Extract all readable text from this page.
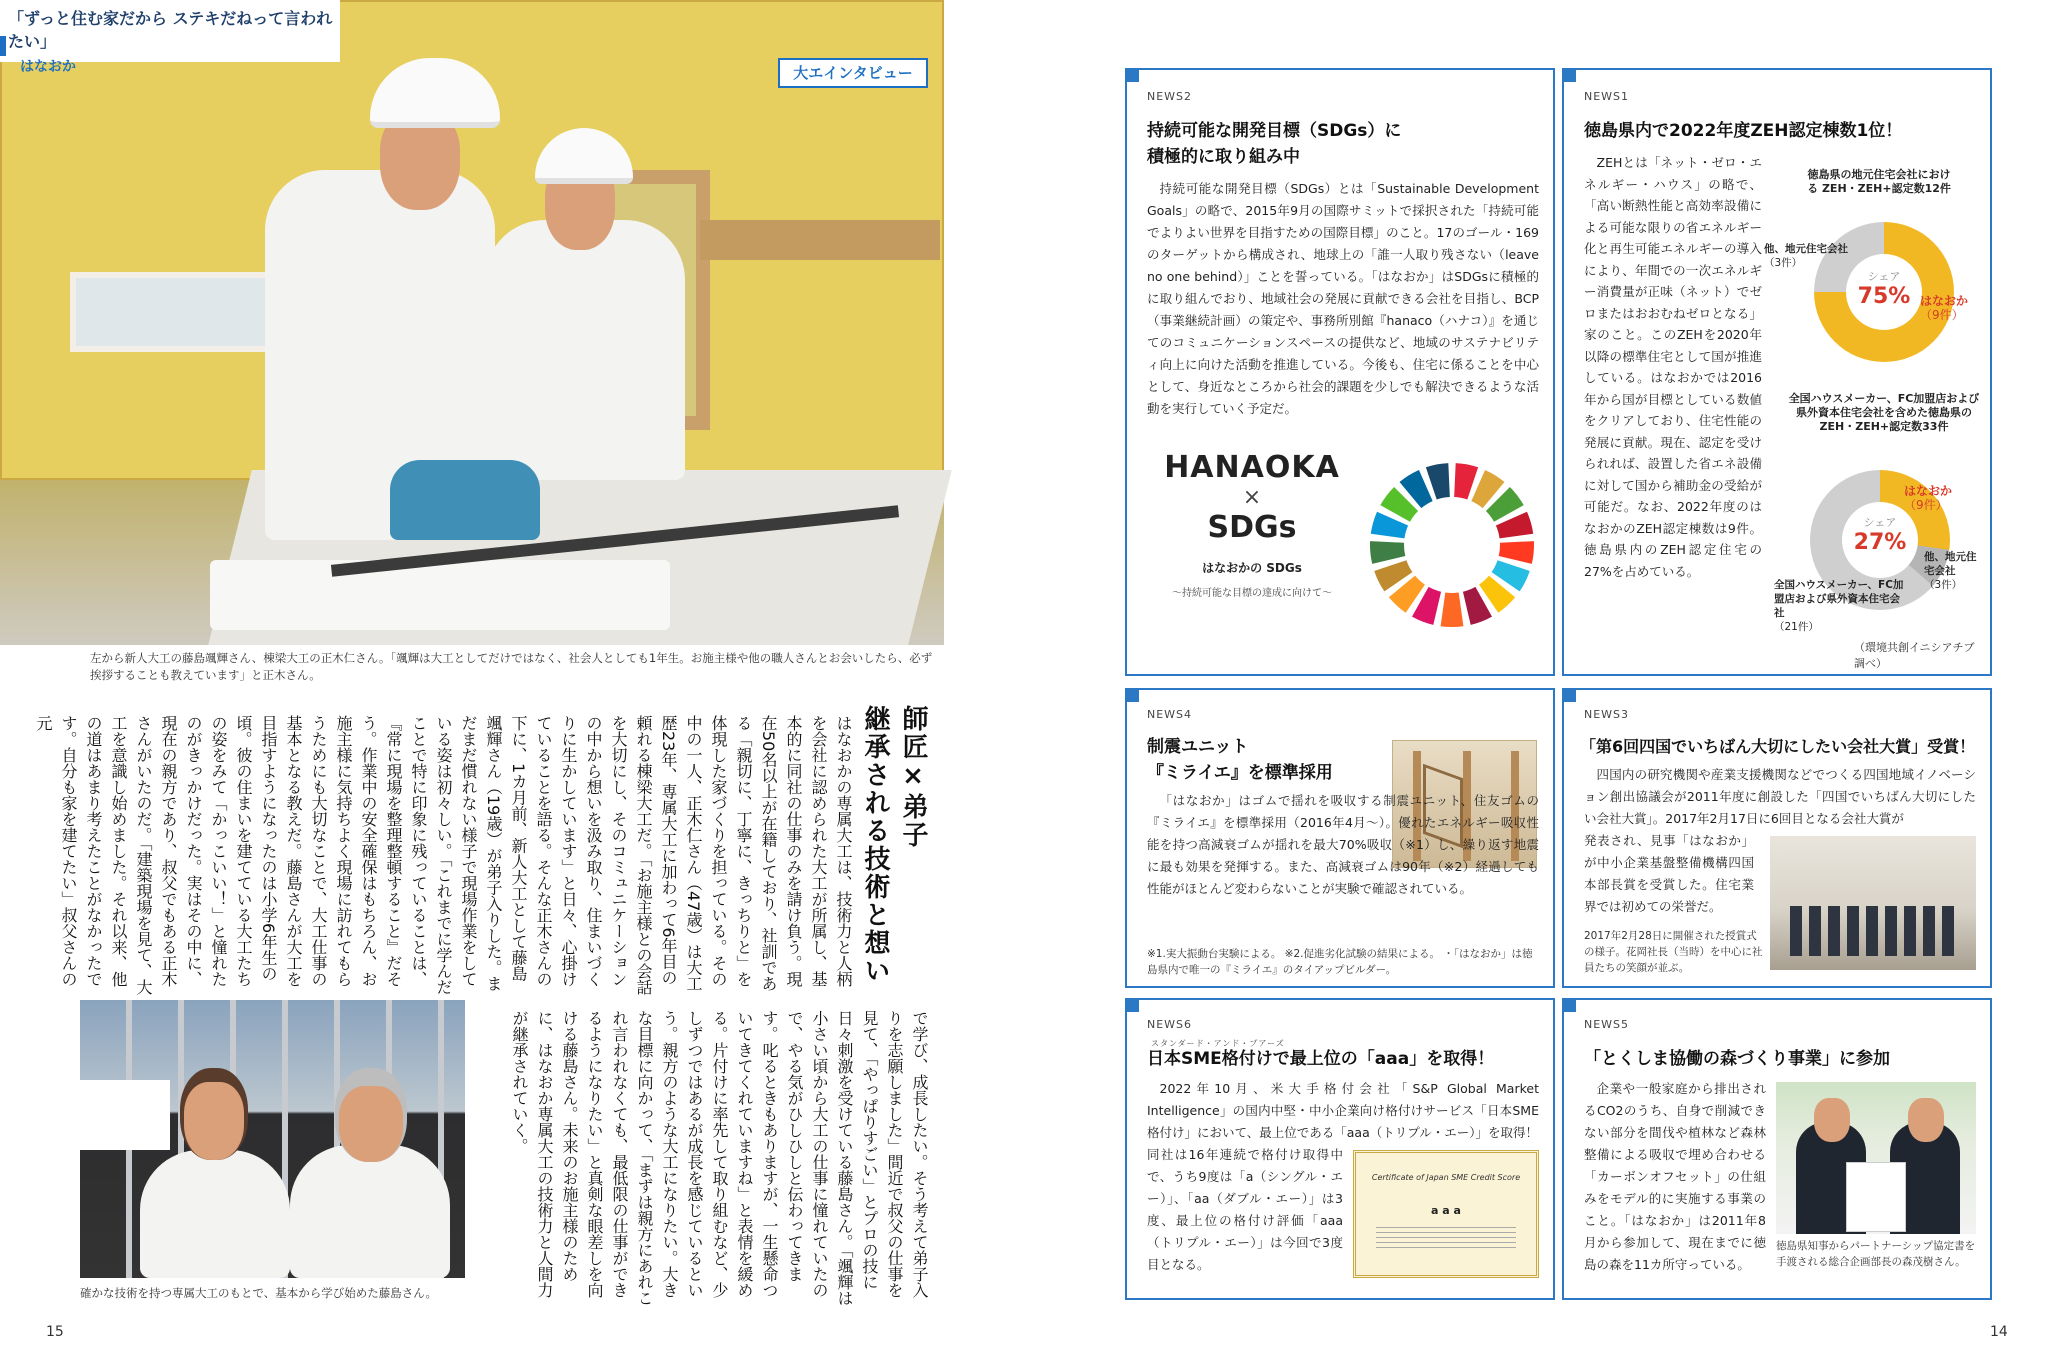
「ずっと住む家だから ステキだねって言われたい」
はなおか	大エインタビュー
左から新人大工の藤島颯輝さん、棟梁大工の正木仁さん。「颯輝は大工としてだけではなく、社会人としても1年生。お施主様や他の職人さんとお会いしたら、必ず挨拶することも教えています」と正木さん。
師匠×弟子
継承される技術と想い
はなおかの専属大工は、技術力と人柄を会社に認められた大工が所属し、基本的に同社の仕事のみを請け負う。現在50名以上が在籍しており、社訓である「親切に、丁寧に、きっちりと」を体現した家づくりを担っている。その中の一人、正木仁さん（47歳）は大工歴23年、専属大工に加わって6年目の頼れる棟梁大工だ。「お施主様との会話を大切にし、そのコミュニケーションの中から想いを汲み取り、住まいづくりに生かしています」と日々、心掛けていることを語る。そんな正木さんの下に、1カ月前、新人大工として藤島颯輝さん（19歳）が弟子入りした。まだまだ慣れない様子で現場作業をしている姿は初々しい。「これまでに学んだことで特に印象に残っていることは、『常に現場を整理整頓すること』だそう。作業中の安全確保はもちろん、お施主様に気持ちよく現場に訪れてもらうためにも大切なことで、大工仕事の基本となる教えだ。藤島さんが大工を目指すようになったのは小学6年生の頃。彼の住まいを建てている大工たちの姿をみて「かっこいい！」と憧れたのがきっかけだった。実はその中に、現在の親方であり、叔父でもある正木さんがいたのだ。「建築現場を見て、大工を意識し始めました。それ以来、他の道はあまり考えたことがなかったです。自分も家を建てたい」叔父さんの元
確かな技術を持つ専属大工のもとで、基本から学び始めた藤島さん。	で学び、成長したい。そう考えて弟子入りを志願しました」間近で叔父の仕事を見て、「やっぱりすごい」とプロの技に日々刺激を受けている藤島さん。「颯輝は小さい頃から大工の仕事に憧れていたので、やる気がひしひしと伝わってきます。叱るときもありますが、一生懸命ついてきてくれていますね」と表情を緩める。片付けに率先して取り組むなど、少しずつではあるが成長を感じているという。親方のような大工になりたい。大きな目標に向かって、「まずは親方にあれこれ言われなくても、最低限の仕事ができるようになりたい」と真剣な眼差しを向ける藤島さん。未来のお施主様のために、はなおか専属大工の技術力と人間力が継承されていく。
15
NEWS2
持続可能な開発目標（SDGs）に
積極的に取り組み中
持続可能な開発目標（SDGs）とは「Sustainable Development Goals」の略で、2015年9月の国際サミットで採択された「持続可能でよりよい世界を目指すための国際目標」のこと。17のゴール・169のターゲットから構成され、地球上の「誰一人取り残さない（leave no one behind）」ことを誓っている。「はなおか」はSDGsに積極的に取り組んでおり、地域社会の発展に貢献できる会社を目指し、BCP（事業継続計画）の策定や、事務所別館『hanaco（ハナコ）』を通じてのコミュニケーションスペースの提供など、地域のサステナビリティ向上に向けた活動を推進している。今後も、住宅に係ることを中心として、身近なところから社会的課題を少しでも解決できるような活動を実行していく予定だ。
HANAOKA
×
SDGs
はなおかの SDGs
〜持続可能な目標の達成に向けて〜
NEWS1
徳島県内で2022年度ZEH認定棟数1位！
ZEHとは「ネット・ゼロ・エネルギー・ハウス」の略で、「高い断熱性能と高効率設備による可能な限りの省エネルギー化と再生可能エネルギーの導入により、年間での一次エネルギー消費量が正味（ネット）でゼロまたはおおむねゼロとなる」家のこと。このZEHを2020年以降の標準住宅として国が推進している。はなおかでは2016年から国が目標としている数値をクリアしており、住宅性能の発展に貢献。現在、認定を受けられれば、設置した省エネ設備に対して国から補助金の受給が可能だ。なお、2022年度のはなおかのZEH認定棟数は9件。徳島県内のZEH認定住宅の27%を占めている。
徳島県の地元住宅会社における ZEH・ZEH+認定数12件
シェア
75%
他、地元住宅会社
（3件）
はなおか
（9件）
全国ハウスメーカー、FC加盟店および県外資本住宅会社を含めた徳島県のZEH・ZEH+認定数33件
シェア
27%
はなおか
（9件）
他、地元住宅会社
（3件）
全国ハウスメーカー、FC加盟店および県外資本住宅会社
（21件）
（環境共創イニシアチブ調べ）
NEWS4
制震ユニット
『ミライエ』を標準採用
「はなおか」はゴムで揺れを吸収する制震ユニット、住友ゴムの『ミライエ』を標準採用（2016年4月〜）。優れたエネルギー吸収性能を持つ高減衰ゴムが揺れを最大70%吸収（※1）し、繰り返す地震に最も効果を発揮する。また、高減衰ゴムは90年（※2）経過しても性能がほとんど変わらないことが実験で確認されている。
※1.実大振動台実験による。 ※2.促進劣化試験の結果による。 ・「はなおか」は徳島県内で唯一の『ミライエ』のタイアップビルダー。
NEWS3
「第6回四国でいちばん大切にしたい会社大賞」受賞！
四国内の研究機関や産業支援機関などでつくる四国地域イノベーション創出協議会が2011年度に創設した「四国でいちばん大切にしたい会社大賞」。2017年2月17日に6回目となる会社大賞が
発表され、見事「はなおか」が中小企業基盤整備機構四国本部長賞を受賞した。住宅業界では初めての栄誉だ。
2017年2月28日に開催された授賞式の様子。花岡社長（当時）を中心に社員たちの笑顔が並ぶ。
NEWS6
スタンダード・アンド・プアーズ
日本SME格付けで最上位の「aaa」を取得！
2022年10月、米大手格付会社「S&P Global Market Intelligence」の国内中堅・中小企業向け格付けサービス「日本SME格付け」において、最上位である「aaa（トリプル・エー）」を取得！
同社は16年連続で格付け取得中で、うち9度は「a（シングル・エー）」、「aa（ダブル・エー）」は3度、最上位の格付け評価「aaa（トリプル・エー）」は今回で3度目となる。
Certificate of Japan SME Credit Score
a a a
NEWS5
「とくしま協働の森づくり事業」に参加
企業や一般家庭から排出されるCO2のうち、自身で削減できない部分を間伐や植林など森林整備による吸収で埋め合わせる「カーボンオフセット」の仕組みをモデル的に実施する事業のこと。「はなおか」は2011年8月から参加して、現在までに徳島の森を11カ所守っている。
徳島県知事からパートナーシップ協定書を手渡される総合企画部長の森茂樹さん。
14
